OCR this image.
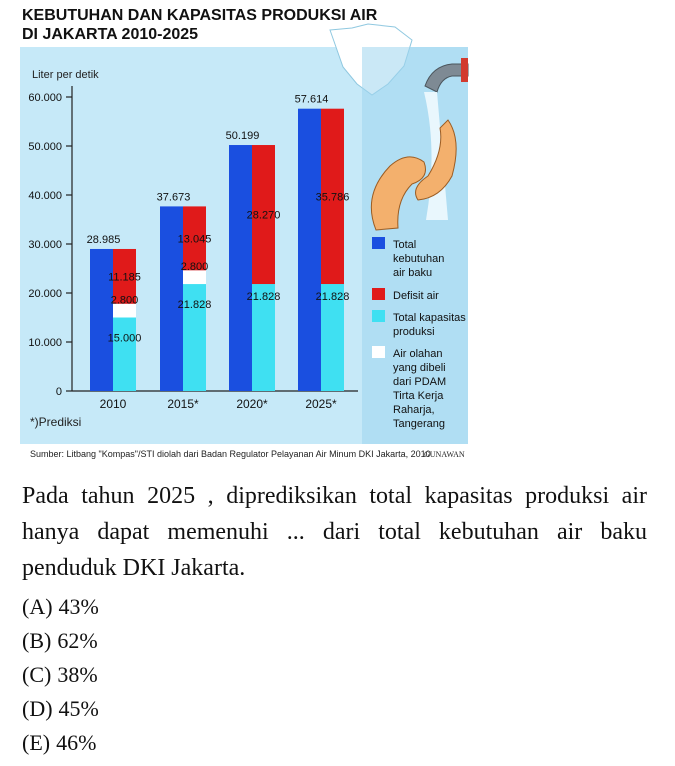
KEBUTUHAN DAN KAPASITAS PRODUKSI AIR
DI JAKARTA 2010-2025
0
10.000
20.000
30.000
40.000
50.000
60.000
28.985
11.185
2.800
15.000
2010
37.673
13.045
2.800
21.828
2015*
50.199
28.270
21.828
2020*
57.614
35.786
21.828
2025*
Total kebutuhan air baku
Defisit air
Total kapasitas produksi
Air olahan yang dibeli dari PDAM Tirta Kerja Raharja, Tangerang
Liter per detik
*)Prediksi
Sumber: Litbang "Kompas"/STI diolah dari Badan Regulator Pelayanan Air Minum DKI Jakarta, 2010
GUNAWAN

Pada tahun 2025 , diprediksikan total kapasitas produksi air hanya dapat memenuhi ... dari total kebutuhan air baku penduduk DKI Jakarta.

(A) 43%
(B) 62%
(C) 38%
(D) 45%
(E) 46%
